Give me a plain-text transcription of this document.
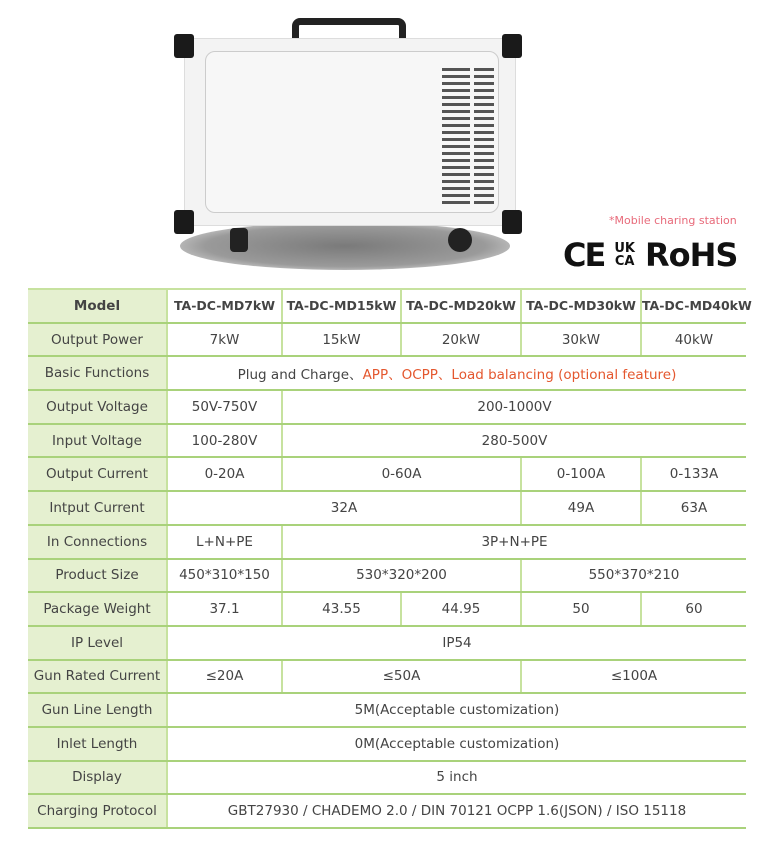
*Mobile charing station
CE UK
CA RoHS
Model	TA-DC-MD7kW	TA-DC-MD15kW	TA-DC-MD20kW	TA-DC-MD30kW	TA-DC-MD40kW
Output Power	7kW	15kW	20kW	30kW	40kW
Basic Functions	Plug and Charge、APP、OCPP、Load balancing (optional feature)				
Output Voltage	50V-750V	200-1000V			
Input Voltage	100-280V	280-500V			
Output Current	0-20A	0-60A		0-100A	0-133A
Intput Current	32A			49A	63A
In Connections	L+N+PE	3P+N+PE			
Product Size	450*310*150	530*320*200		550*370*210	
Package Weight	37.1	43.55	44.95	50	60
IP Level	IP54				
Gun Rated Current	≤20A	≤50A		≤100A	
Gun Line Length	5M(Acceptable customization)				
Inlet Length	0M(Acceptable customization)				
Display	5 inch				
Charging Protocol	GBT27930 / CHADEMO 2.0 / DIN 70121 OCPP 1.6(JSON) / ISO 15118				
